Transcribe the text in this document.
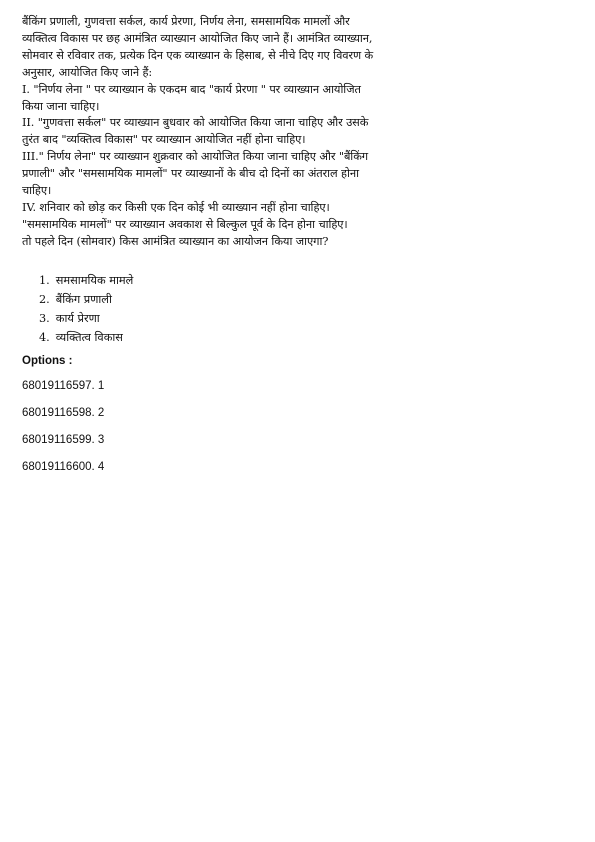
बैंकिंग प्रणाली, गुणवत्ता सर्कल, कार्य प्रेरणा, निर्णय लेना, समसामयिक मामलों और
व्यक्तित्व विकास पर छह आमंत्रित व्याख्यान आयोजित किए जाने हैं। आमंत्रित व्याख्यान,
सोमवार से रविवार तक, प्रत्येक दिन एक व्याख्यान के हिसाब, से नीचे दिए गए विवरण के
अनुसार, आयोजित किए जाने हैं:
I. "निर्णय लेना " पर व्याख्यान के एकदम बाद "कार्य प्रेरणा " पर व्याख्यान आयोजित
किया जाना चाहिए।
II. "गुणवत्ता सर्कल" पर व्याख्यान बुधवार को आयोजित किया जाना चाहिए और उसके
तुरंत बाद "व्यक्तित्व विकास" पर व्याख्यान आयोजित नहीं होना चाहिए।
III." निर्णय लेना" पर व्याख्यान शुक्रवार को आयोजित किया जाना चाहिए और "बैंकिंग
प्रणाली" और "समसामयिक मामलों" पर व्याख्यानों के बीच दो दिनों का अंतराल होना
चाहिए।
IV. शनिवार को छोड़ कर किसी एक दिन कोई भी व्याख्यान नहीं होना चाहिए।
"समसामयिक मामलों" पर व्याख्यान अवकाश से बिल्कुल पूर्व के दिन होना चाहिए।
तो पहले दिन (सोमवार) किस आमंत्रित व्याख्यान का आयोजन किया जाएगा?

1. समसामयिक मामले
2. बैंकिंग प्रणाली
3. कार्य प्रेरणा
4. व्यक्तित्व विकास
Options :
68019116597. 1
68019116598. 2
68019116599. 3
68019116600. 4
